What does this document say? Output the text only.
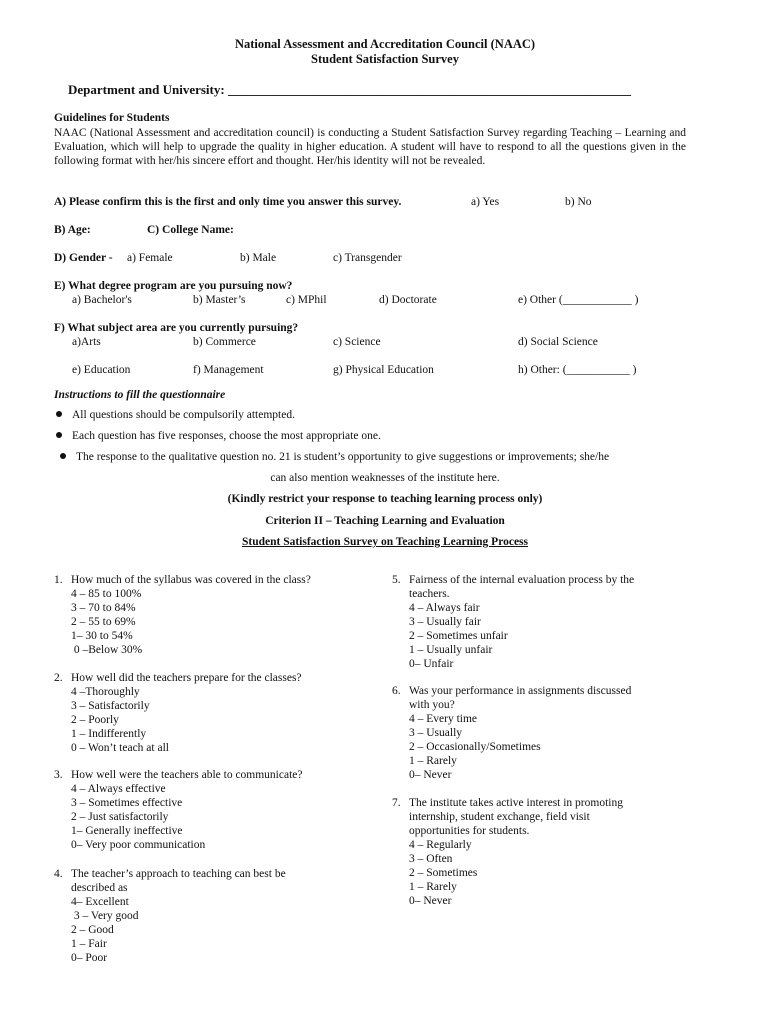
National Assessment and Accreditation Council (NAAC)
Student Satisfaction Survey
Department and University: ______________________________________________________________
Guidelines for Students
NAAC (National Assessment and accreditation council) is conducting a Student Satisfaction Survey regarding Teaching – Learning and Evaluation, which will help to upgrade the quality in higher education. A student will have to respond to all the questions given in the following format with her/his sincere effort and thought. Her/his identity will not be revealed.
A) Please confirm this is the first and only time you answer this survey.	a) Yes	b) No
B) Age:	C) College Name:
D) Gender - a) Female	b) Male	c) Transgender
E) What degree program are you pursuing now?
a) Bachelor's	b) Master’s	c) MPhil	d) Doctorate	e) Other (____________ )
F) What subject area are you currently pursuing?
a)Arts	b) Commerce	c) Science	d) Social Science
e) Education	f) Management	g) Physical Education	h) Other: (___________ )
Instructions to fill the questionnaire
All questions should be compulsorily attempted.
Each question has five responses, choose the most appropriate one.
The response to the qualitative question no. 21 is student’s opportunity to give suggestions or improvements; she/he
can also mention weaknesses of the institute here.
(Kindly restrict your response to teaching learning process only)
Criterion II – Teaching Learning and Evaluation
Student Satisfaction Survey on Teaching Learning Process
1. How much of the syllabus was covered in the class?
4 – 85 to 100%
3 – 70 to 84%
2 – 55 to 69%
1– 30 to 54%
0 –Below 30%
2. How well did the teachers prepare for the classes?
4 –Thoroughly
3 – Satisfactorily
2 – Poorly
1 – Indifferently
0 – Won’t teach at all
3. How well were the teachers able to communicate?
4 – Always effective
3 – Sometimes effective
2 – Just satisfactorily
1– Generally ineffective
0– Very poor communication
4. The teacher’s approach to teaching can best be
described as
4– Excellent
3 – Very good
2 – Good
1 – Fair
0– Poor
5. Fairness of the internal evaluation process by the
teachers.
4 – Always fair
3 – Usually fair
2 – Sometimes unfair
1 – Usually unfair
0– Unfair
6. Was your performance in assignments discussed
with you?
4 – Every time
3 – Usually
2 – Occasionally/Sometimes
1 – Rarely
0– Never
7. The institute takes active interest in promoting
internship, student exchange, field visit
opportunities for students.
4 – Regularly
3 – Often
2 – Sometimes
1 – Rarely
0– Never
